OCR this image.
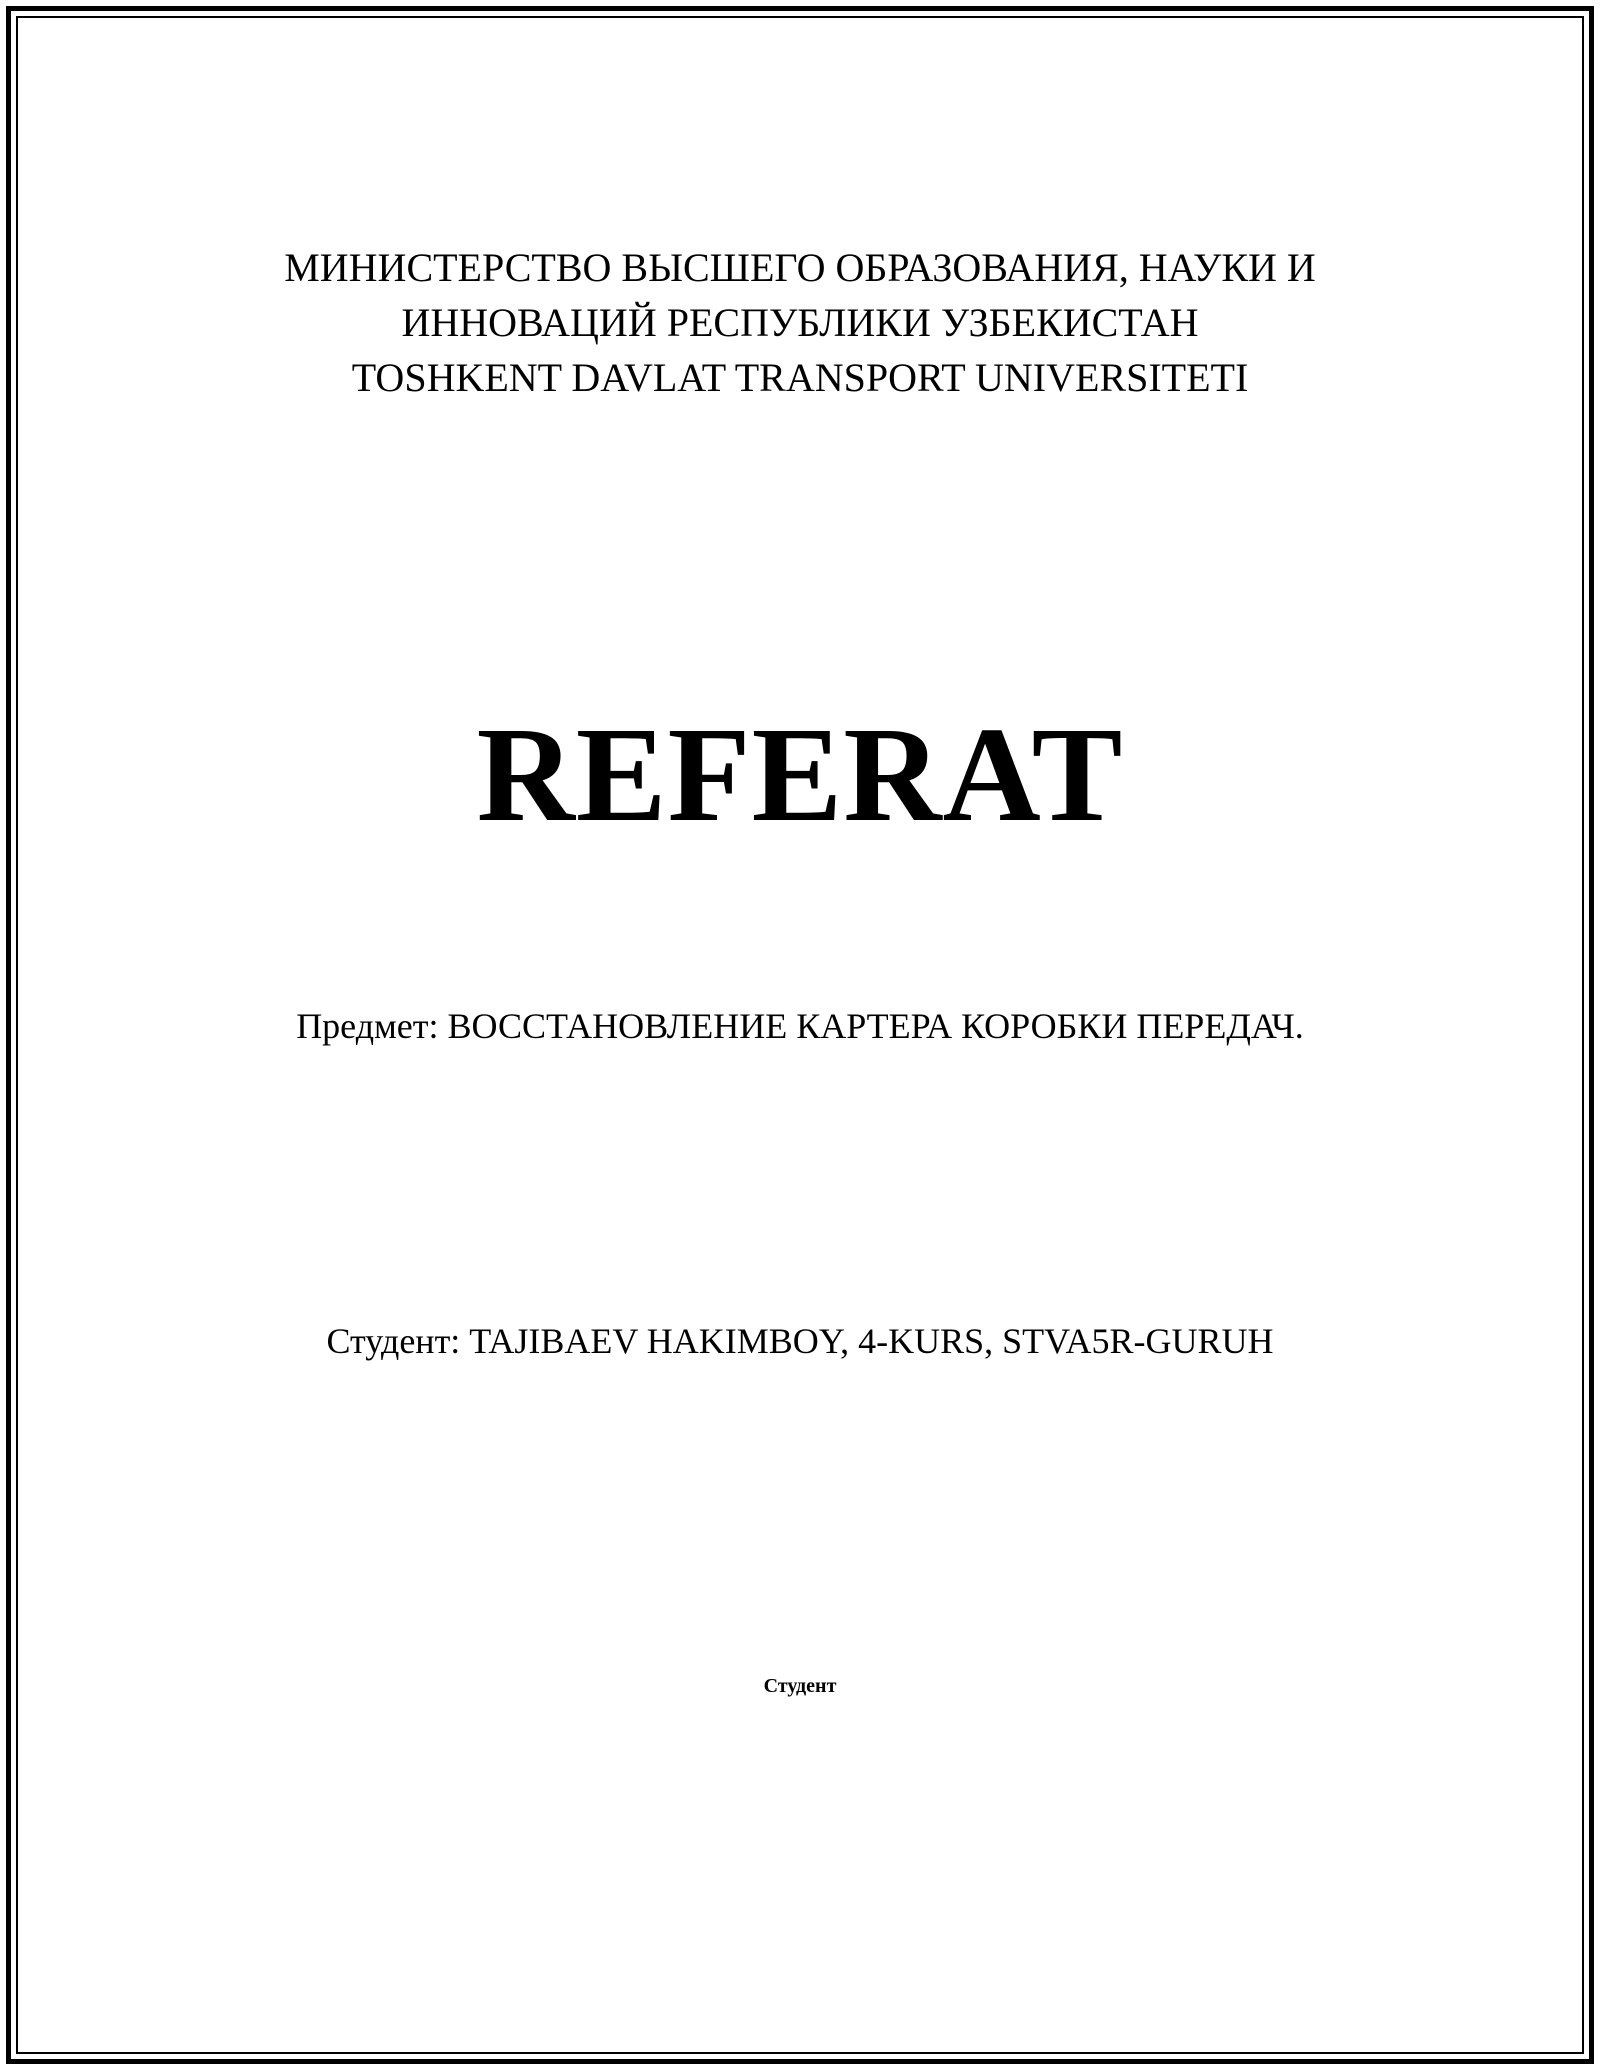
МИНИСТЕРСТВО ВЫСШЕГО ОБРАЗОВАНИЯ, НАУКИ И
ИННОВАЦИЙ РЕСПУБЛИКИ УЗБЕКИСТАН
TOSHKENT DAVLAT TRANSPORT UNIVERSITETI
REFERAT
Предмет: ВОССТАНОВЛЕНИЕ КАРТЕРА КОРОБКИ ПЕРЕДАЧ.
Студент: TAJIBAEV HAKIMBOY, 4-KURS, STVA5R-GURUH
Студент
